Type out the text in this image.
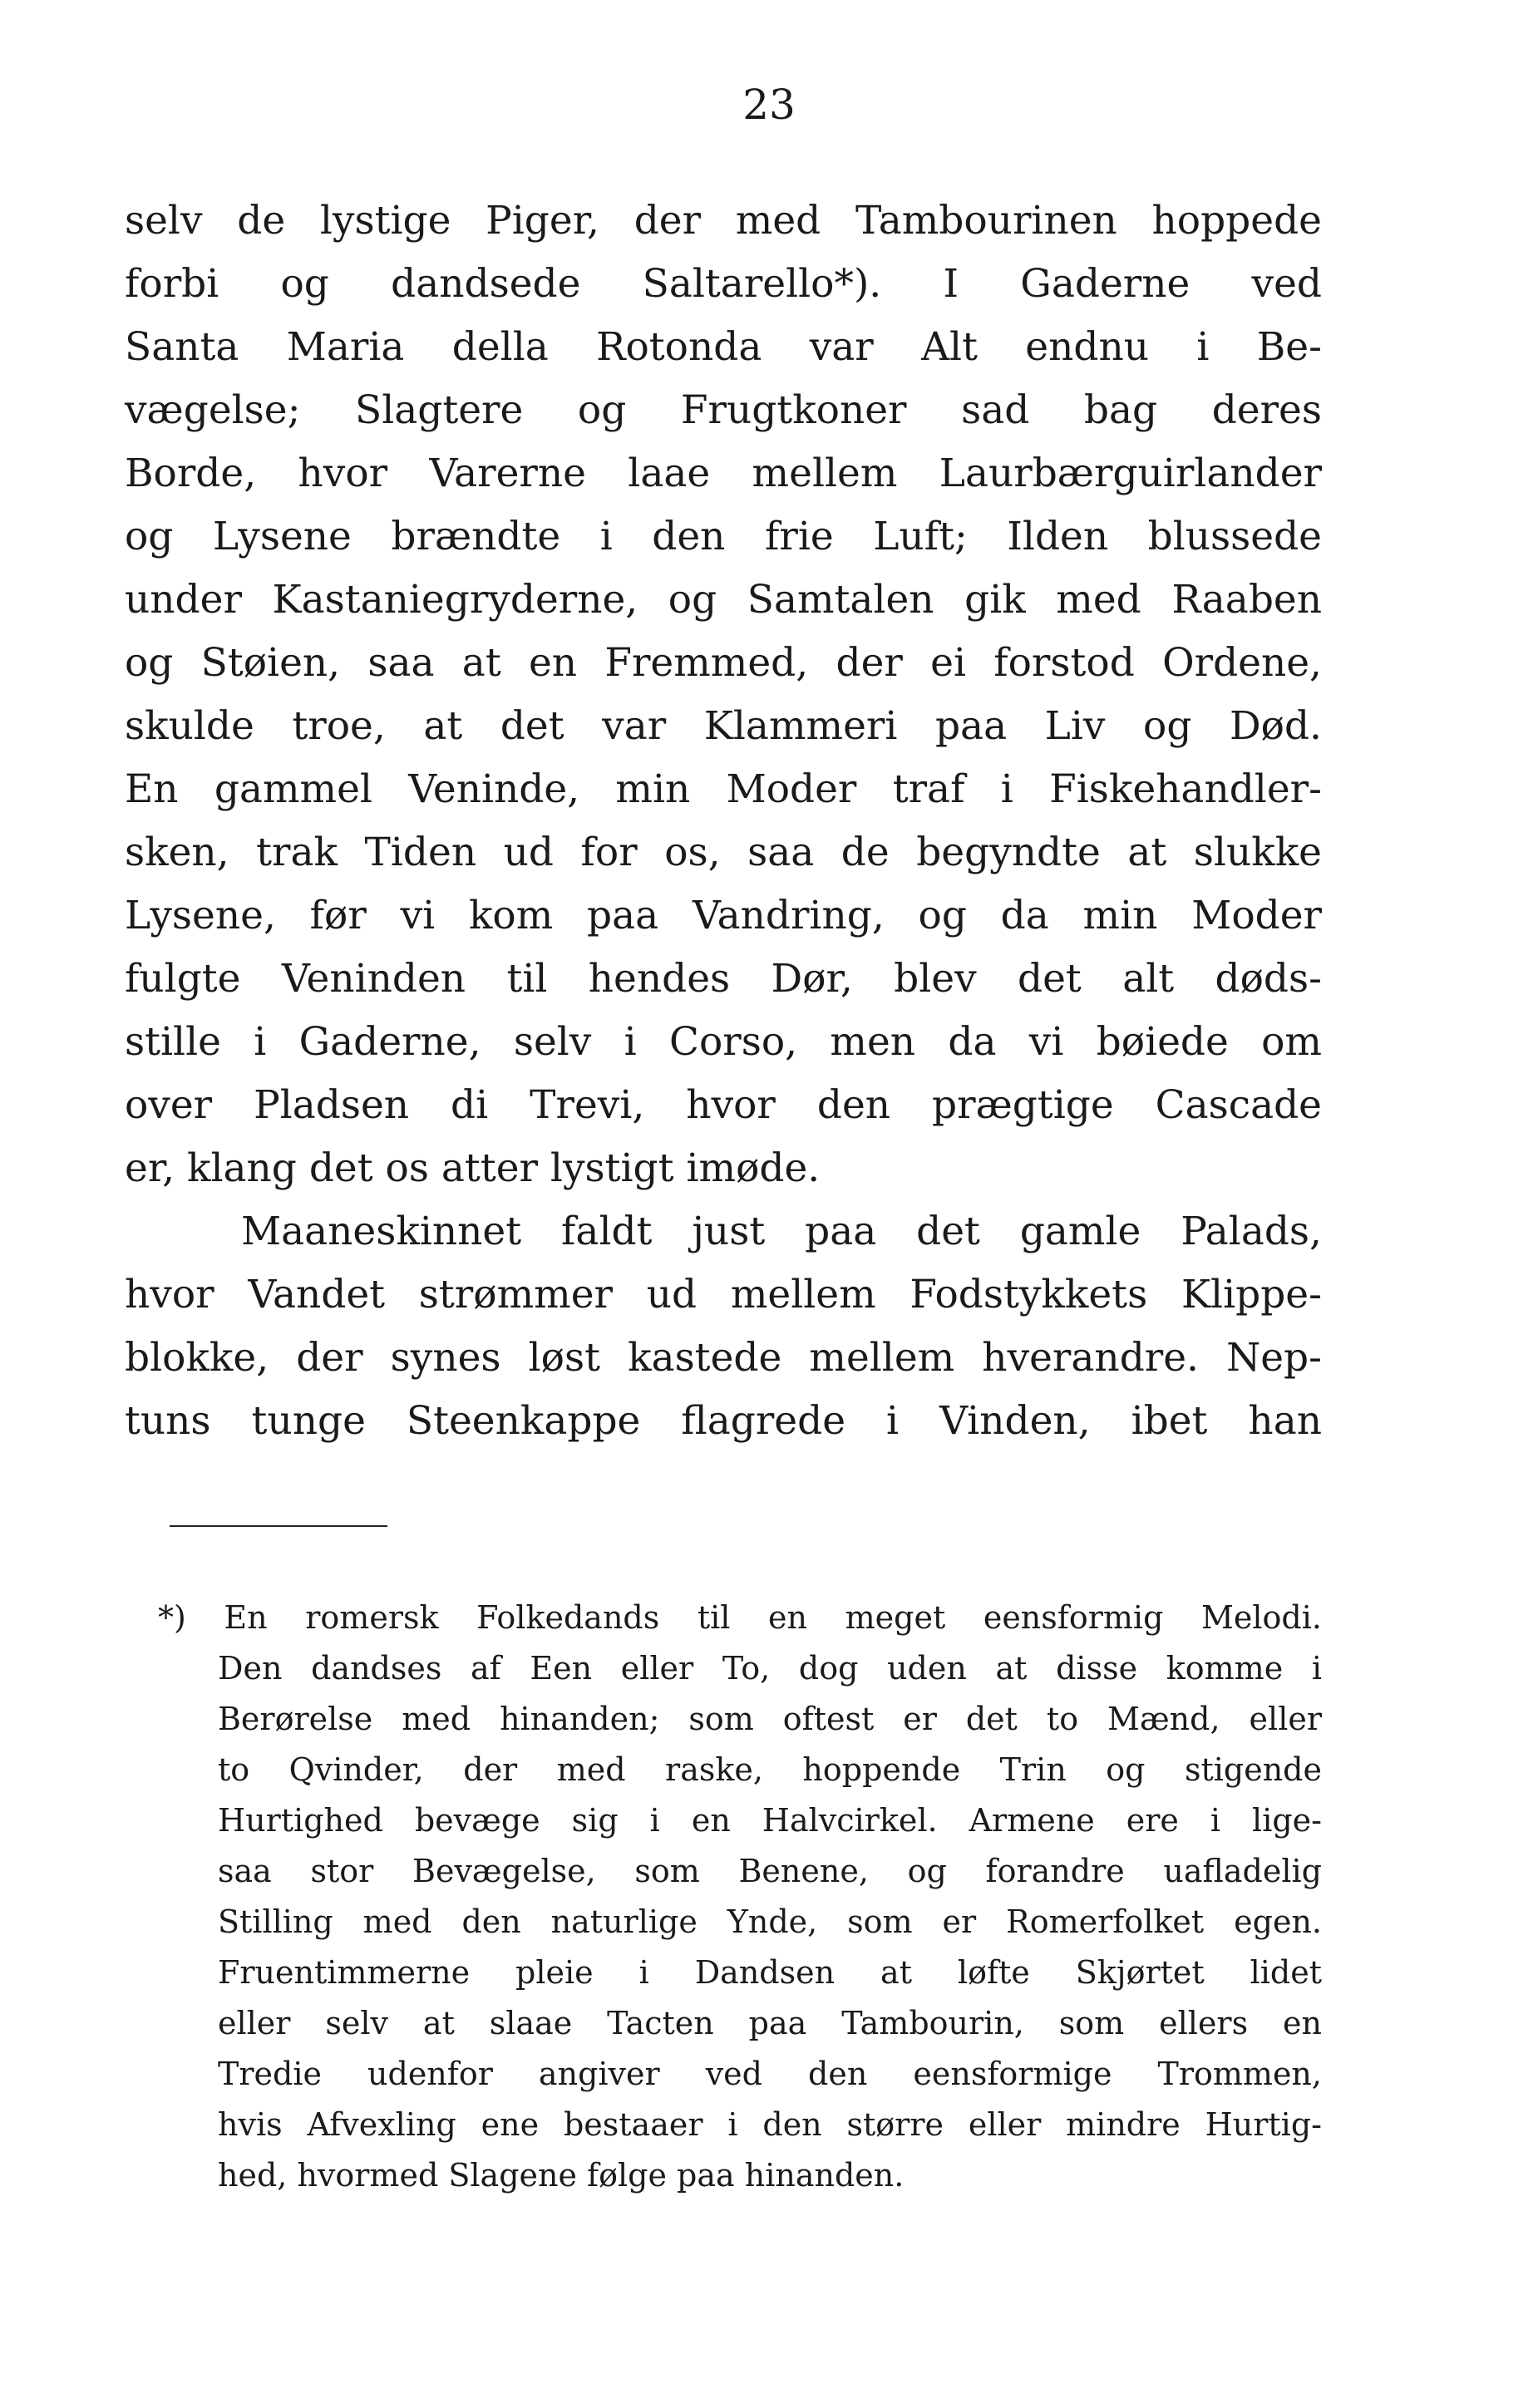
23
selv de lystige Piger, der med Tambourinen hoppede
forbi og dandsede Saltarello*). I Gaderne ved
Santa Maria della Rotonda var Alt endnu i Be-
vægelse; Slagtere og Frugtkoner sad bag deres
Borde, hvor Varerne laae mellem Laurbærguirlander
og Lysene brændte i den frie Luft; Ilden blussede
under Kastaniegryderne, og Samtalen gik med Raaben
og Støien, saa at en Fremmed, der ei forstod Ordene,
skulde troe, at det var Klammeri paa Liv og Død.
En gammel Veninde, min Moder traf i Fiskehandler-
sken, trak Tiden ud for os, saa de begyndte at slukke
Lysene, før vi kom paa Vandring, og da min Moder
fulgte Veninden til hendes Dør, blev det alt døds-
stille i Gaderne, selv i Corso, men da vi bøiede om
over Pladsen di Trevi, hvor den prægtige Cascade
er, klang det os atter lystigt imøde.
Maaneskinnet faldt just paa det gamle Palads,
hvor Vandet strømmer ud mellem Fodstykkets Klippe-
blokke, der synes løst kastede mellem hverandre. Nep-
tuns tunge Steenkappe flagrede i Vinden, ibet han
*) En romersk Folkedands til en meget eensformig Melodi.
Den dandses af Een eller To, dog uden at disse komme i
Berørelse med hinanden; som oftest er det to Mænd, eller
to Qvinder, der med raske, hoppende Trin og stigende
Hurtighed bevæge sig i en Halvcirkel. Armene ere i lige-
saa stor Bevægelse, som Benene, og forandre uafladelig
Stilling med den naturlige Ynde, som er Romerfolket egen.
Fruentimmerne pleie i Dandsen at løfte Skjørtet lidet
eller selv at slaae Tacten paa Tambourin, som ellers en
Tredie udenfor angiver ved den eensformige Trommen,
hvis Afvexling ene bestaaer i den større eller mindre Hurtig-
hed, hvormed Slagene følge paa hinanden.
